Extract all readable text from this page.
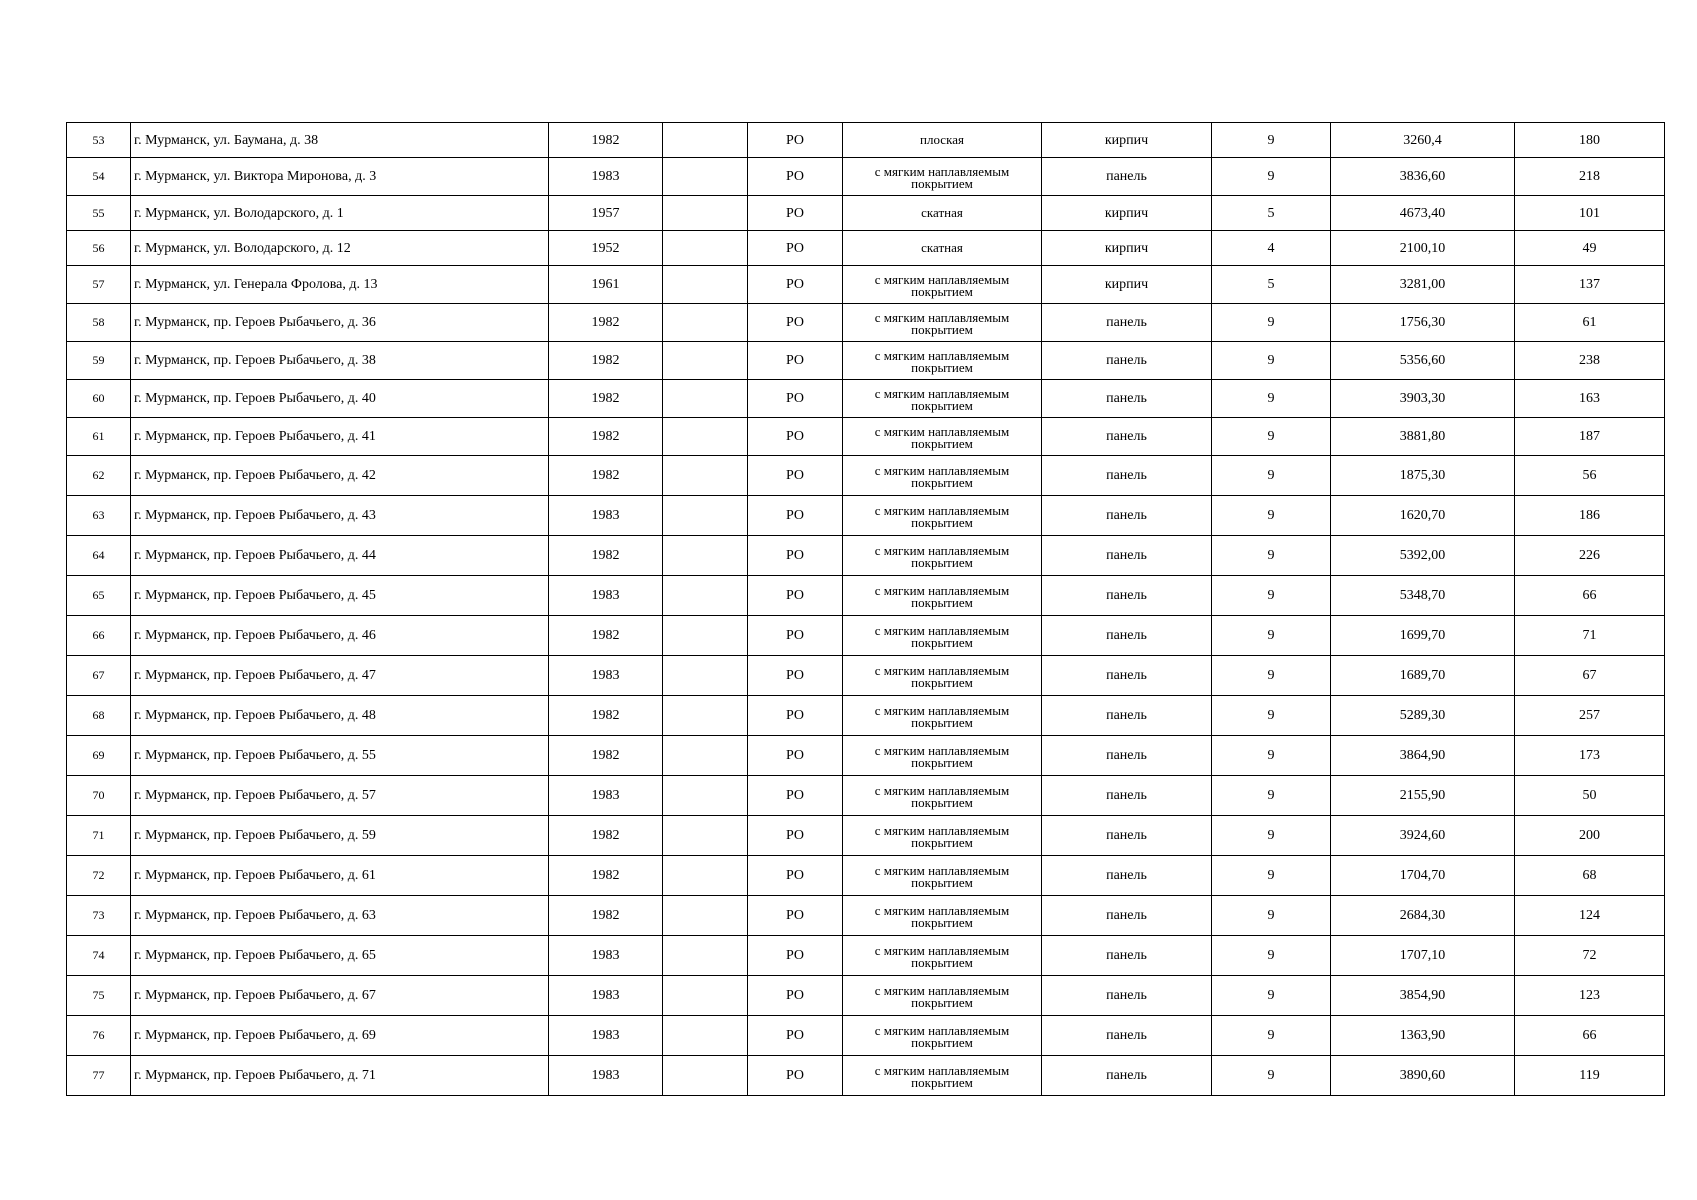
53	г. Мурманск, ул. Баумана, д. 38	1982		РО	плоская	кирпич	9	3260,4	180
54	г. Мурманск, ул. Виктора Миронова, д. 3	1983		РО	с мягким наплавляемым покрытием	панель	9	3836,60	218
55	г. Мурманск, ул. Володарского, д. 1	1957		РО	скатная	кирпич	5	4673,40	101
56	г. Мурманск, ул. Володарского, д. 12	1952		РО	скатная	кирпич	4	2100,10	49
57	г. Мурманск, ул. Генерала Фролова, д. 13	1961		РО	с мягким наплавляемым покрытием	кирпич	5	3281,00	137
58	г. Мурманск, пр. Героев Рыбачьего, д. 36	1982		РО	с мягким наплавляемым покрытием	панель	9	1756,30	61
59	г. Мурманск, пр. Героев Рыбачьего, д. 38	1982		РО	с мягким наплавляемым покрытием	панель	9	5356,60	238
60	г. Мурманск, пр. Героев Рыбачьего, д. 40	1982		РО	с мягким наплавляемым покрытием	панель	9	3903,30	163
61	г. Мурманск, пр. Героев Рыбачьего, д. 41	1982		РО	с мягким наплавляемым покрытием	панель	9	3881,80	187
62	г. Мурманск, пр. Героев Рыбачьего, д. 42	1982		РО	с мягким наплавляемым покрытием	панель	9	1875,30	56
63	г. Мурманск, пр. Героев Рыбачьего, д. 43	1983		РО	с мягким наплавляемым покрытием	панель	9	1620,70	186
64	г. Мурманск, пр. Героев Рыбачьего, д. 44	1982		РО	с мягким наплавляемым покрытием	панель	9	5392,00	226
65	г. Мурманск, пр. Героев Рыбачьего, д. 45	1983		РО	с мягким наплавляемым покрытием	панель	9	5348,70	66
66	г. Мурманск, пр. Героев Рыбачьего, д. 46	1982		РО	с мягким наплавляемым покрытием	панель	9	1699,70	71
67	г. Мурманск, пр. Героев Рыбачьего, д. 47	1983		РО	с мягким наплавляемым покрытием	панель	9	1689,70	67
68	г. Мурманск, пр. Героев Рыбачьего, д. 48	1982		РО	с мягким наплавляемым покрытием	панель	9	5289,30	257
69	г. Мурманск, пр. Героев Рыбачьего, д. 55	1982		РО	с мягким наплавляемым покрытием	панель	9	3864,90	173
70	г. Мурманск, пр. Героев Рыбачьего, д. 57	1983		РО	с мягким наплавляемым покрытием	панель	9	2155,90	50
71	г. Мурманск, пр. Героев Рыбачьего, д. 59	1982		РО	с мягким наплавляемым покрытием	панель	9	3924,60	200
72	г. Мурманск, пр. Героев Рыбачьего, д. 61	1982		РО	с мягким наплавляемым покрытием	панель	9	1704,70	68
73	г. Мурманск, пр. Героев Рыбачьего, д. 63	1982		РО	с мягким наплавляемым покрытием	панель	9	2684,30	124
74	г. Мурманск, пр. Героев Рыбачьего, д. 65	1983		РО	с мягким наплавляемым покрытием	панель	9	1707,10	72
75	г. Мурманск, пр. Героев Рыбачьего, д. 67	1983		РО	с мягким наплавляемым покрытием	панель	9	3854,90	123
76	г. Мурманск, пр. Героев Рыбачьего, д. 69	1983		РО	с мягким наплавляемым покрытием	панель	9	1363,90	66
77	г. Мурманск, пр. Героев Рыбачьего, д. 71	1983		РО	с мягким наплавляемым покрытием	панель	9	3890,60	119
